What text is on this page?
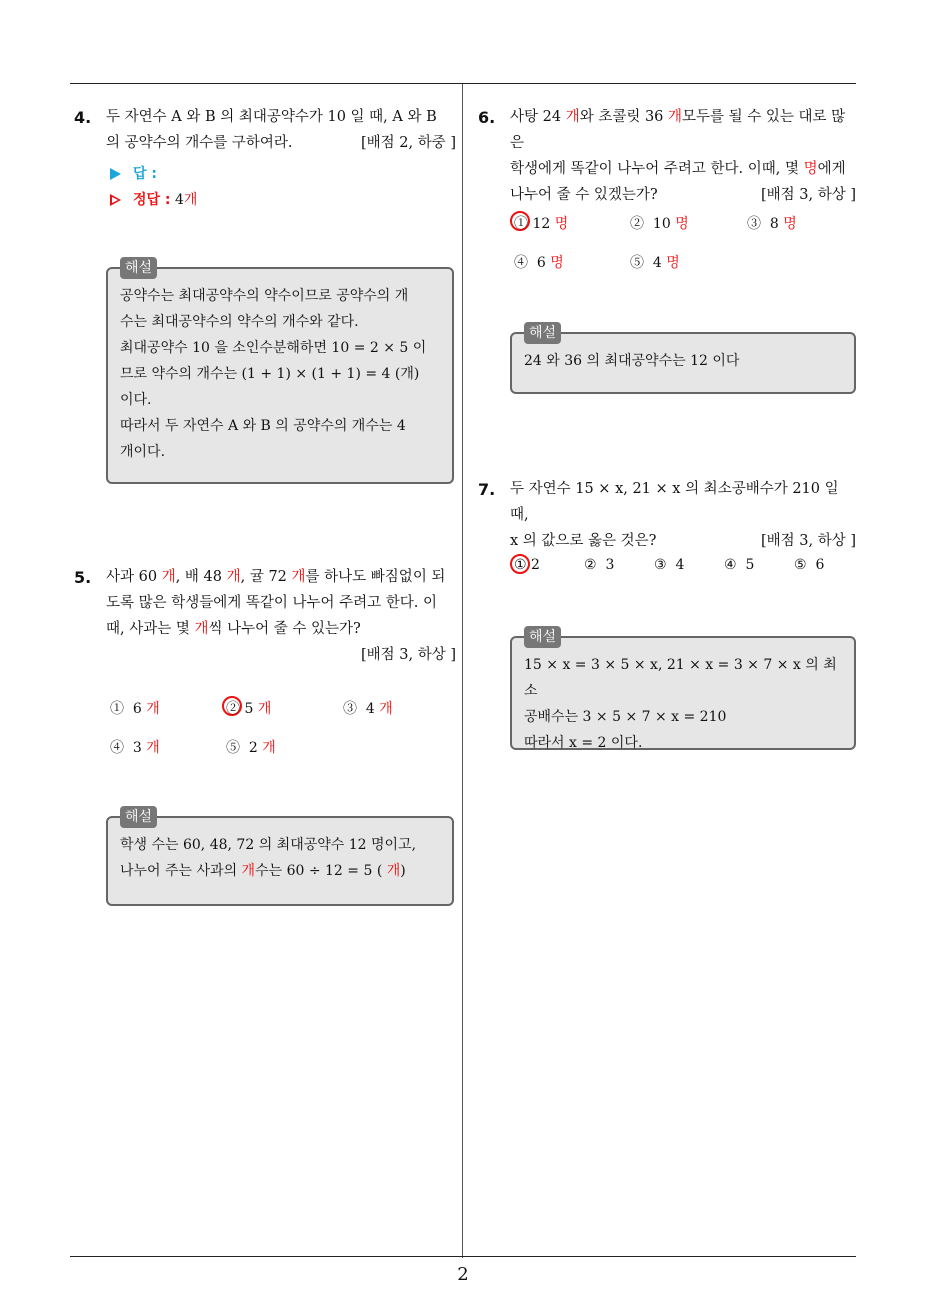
2
4. 두 자연수 A 와 B 의 최대공약수가 10 일 때, A 와 B
의 공약수의 개수를 구하여라.	[배점 2, 하중 ]
답 :
정답 : 4개
해설
공약수는 최대공약수의 약수이므로 공약수의 개
수는 최대공약수의 약수의 개수와 같다.
최대공약수 10 을 소인수분해하면 10 = 2 × 5 이
므로 약수의 개수는 (1 + 1) × (1 + 1) = 4 (개)
이다.
따라서 두 자연수 A 와 B 의 공약수의 개수는 4
개이다.
5. 사과 60 개, 배 48 개, 귤 72 개를 하나도 빠짐없이 되
도록 많은 학생들에게 똑같이 나누어 주려고 한다. 이
때, 사과는 몇 개씩 나누어 줄 수 있는가?
[배점 3, 하상 ]
① 6 개	② 5 개	③ 4 개
④ 3 개	⑤ 2 개
해설
학생 수는 60, 48, 72 의 최대공약수 12 명이고,
나누어 주는 사과의 개수는 60 ÷ 12 = 5 ( 개)
6. 사탕 24 개와 초콜릿 36 개모두를 될 수 있는 대로 많은
학생에게 똑같이 나누어 주려고 한다. 이때, 몇 명에게
나누어 줄 수 있겠는가?	[배점 3, 하상 ]
① 12 명	② 10 명	③ 8 명
④ 6 명	⑤ 4 명
해설
24 와 36 의 최대공약수는 12 이다
7. 두 자연수 15 × x, 21 × x 의 최소공배수가 210 일 때,
x 의 값으로 옳은 것은?	[배점 3, 하상 ]
① 2	② 3	③ 4	④ 5	⑤ 6
해설
15 × x = 3 × 5 × x, 21 × x = 3 × 7 × x 의 최소
공배수는 3 × 5 × 7 × x = 210
따라서 x = 2 이다.
